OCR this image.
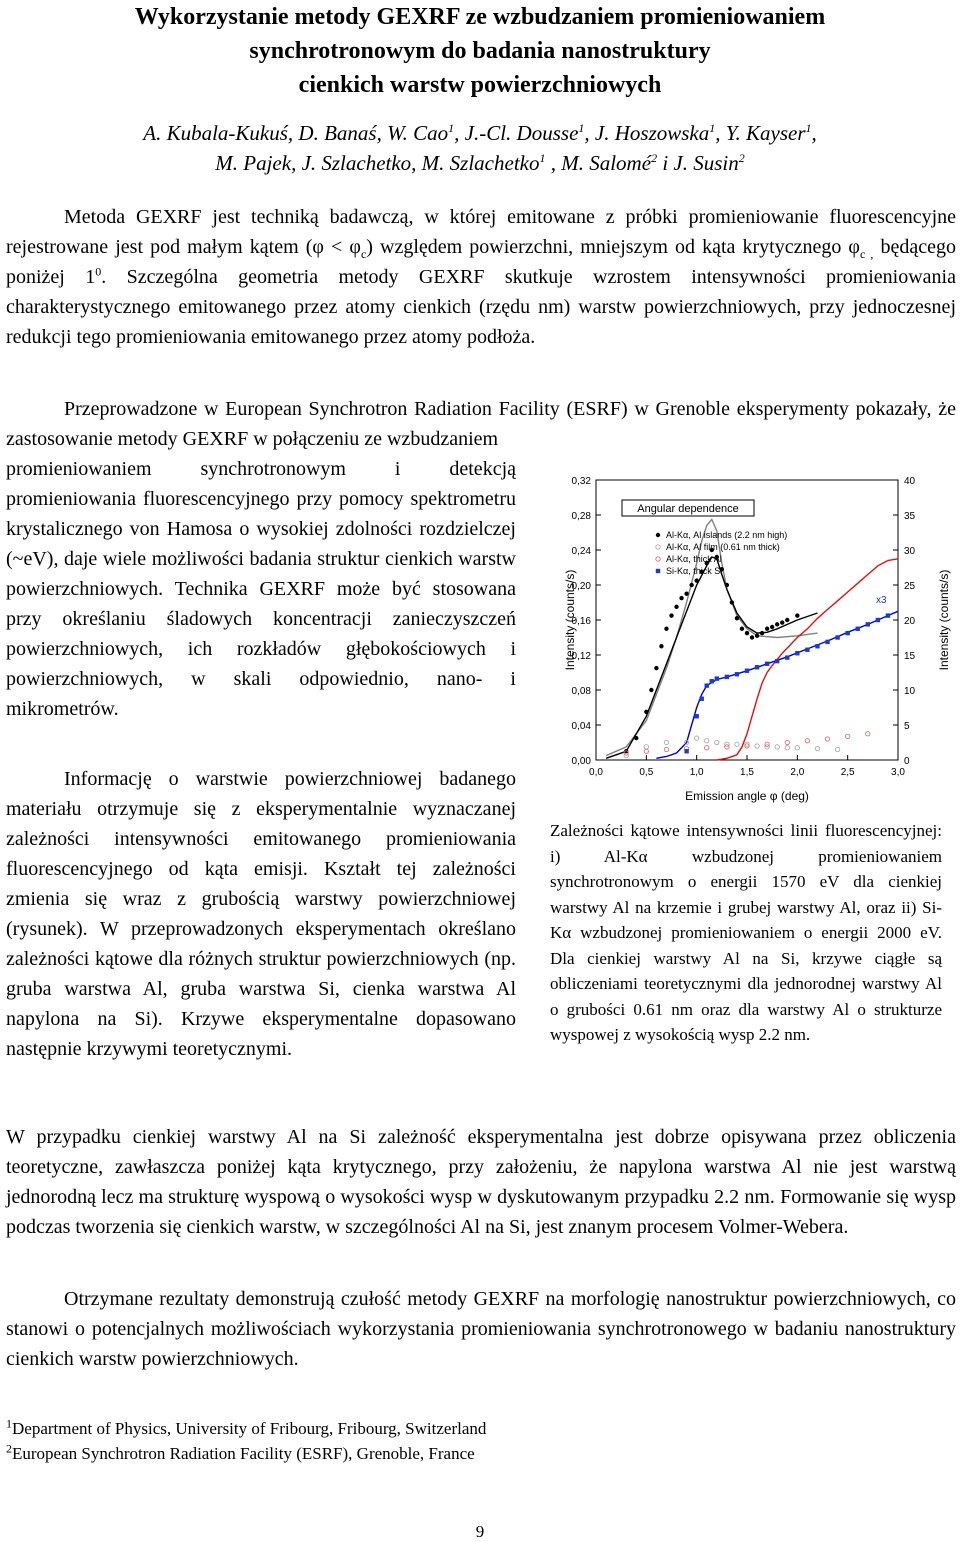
Wykorzystanie metody GEXRF ze wzbudzaniem promieniowaniem
synchrotronowym do badania nanostruktury
cienkich warstw powierzchniowych
A. Kubala-Kukuś, D. Banaś, W. Cao$^1$, J.-Cl. Dousse$^1$, J. Hoszowska$^1$, Y. Kayser$^1$,
M. Pajek, J. Szlachetko, M. Szlachetko$^1$ , M. Salomé$^2$ i J. Susin$^2$

Metoda GEXRF jest techniką badawczą, w której emitowane z próbki promieniowanie fluorescencyjne rejestrowane jest pod małym kątem $(\varphi < \varphi_c)$ względem powierzchni, mniejszym od kąta krytycznego $\varphi_{c ,}$ będącego poniżej $1^0$. Szczególna geometria metody GEXRF skutkuje wzrostem intensywności promieniowania charakterystycznego emitowanego przez atomy cienkich (rzędu nm) warstw powierzchniowych, przy jednoczesnej redukcji tego promieniowania emitowanego przez atomy podłoża.

Przeprowadzone w European Synchrotron Radiation Facility (ESRF) w Grenoble eksperymenty pokazały, że zastosowanie metody GEXRF w połączeniu ze wzbudzaniem

promieniowaniem synchrotronowym i detekcją promieniowania fluorescencyjnego przy pomocy spektrometru krystalicznego von Hamosa o wysokiej zdolności rozdzielczej (~eV), daje wiele możliwości badania struktur cienkich warstw powierzchniowych. Technika GEXRF może być stosowana przy określaniu śladowych koncentracji zanieczyszczeń powierzchniowych, ich rozkładów głębokościowych i powierzchniowych, w skali odpowiednio, nano- i mikrometrów.

Informację o warstwie powierzchniowej badanego materiału otrzymuje się z eksperymentalnie wyznaczanej zależności intensywności emitowanego promieniowania fluorescencyjnego od kąta emisji. Kształt tej zależności zmienia się wraz z grubością warstwy powierzchniowej (rysunek). W przeprowadzonych eksperymentach określano zależności kątowe dla różnych struktur powierzchniowych (np. gruba warstwa Al, gruba warstwa Si, cienka warstwa Al napylona na Si). Krzywe eksperymentalne dopasowano następnie krzywymi teoretycznymi.

W przypadku cienkiej warstwy Al na Si zależność eksperymentalna jest dobrze opisywana przez obliczenia teoretyczne, zawłaszcza poniżej kąta krytycznego, przy założeniu, że napylona warstwa Al nie jest warstwą jednorodną lecz ma strukturę wyspową o wysokości wysp w dyskutowanym przypadku 2.2 nm. Formowanie się wysp podczas tworzenia się cienkich warstw, w szczególności Al na Si, jest znanym procesem Volmer-Webera.

Otrzymane rezultaty demonstrują czułość metody GEXRF na morfologię nanostruktur powierzchniowych, co stanowi o potencjalnych możliwościach wykorzystania promieniowania synchrotronowego w badaniu nanostruktury cienkich warstw powierzchniowych.

0,0	0,5	1,0	1,5	2,0	2,5	3,0
0,00
0,04
0,08
0,12
0,16
0,20
0,24
0,28
0,32
0
5
10
15
20
25
30
35
40
Angular dependence
Al-Kα, Al islands (2.2 nm high)
Al-Kα, Al film (0.61 nm thick)
Al-Kα, thick Al
Si-Kα, thick Si
x3
Emission angle φ (deg)
Intensity (counts/s)	Intensity (counts/s)

Zależności kątowe intensywności linii fluorescencyjnej: i) Al-Kα wzbudzonej promieniowaniem synchrotronowym o energii 1570 eV dla cienkiej warstwy Al na krzemie i grubej warstwy Al, oraz ii) Si-Kα wzbudzonej promieniowaniem o energii 2000 eV. Dla cienkiej warstwy Al na Si, krzywe ciągłe są obliczeniami teoretycznymi dla jednorodnej warstwy Al o grubości 0.61 nm oraz dla warstwy Al o strukturze wyspowej z wysokością wysp 2.2 nm.

$^1$Department of Physics, University of Fribourg, Fribourg, Switzerland
$^2$European Synchrotron Radiation Facility (ESRF), Grenoble, France
9
